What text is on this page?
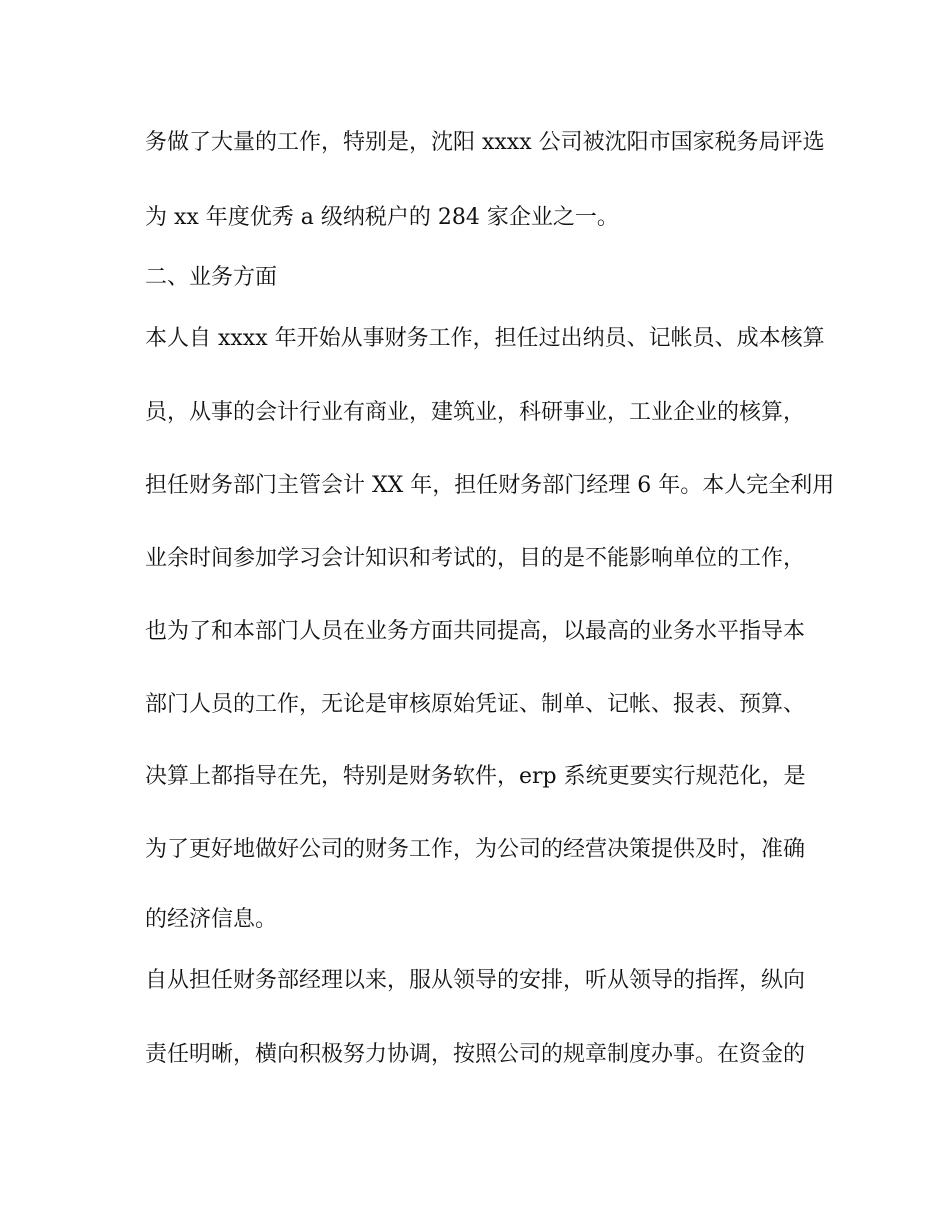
务做了大量的工作，特别是，沈阳 xxxx 公司被沈阳市国家税务局评选

为 xx 年度优秀 a 级纳税户的 284 家企业之一。

二、业务方面

本人自 xxxx 年开始从事财务工作，担任过出纳员、记帐员、成本核算

员，从事的会计行业有商业，建筑业，科研事业，工业企业的核算，

担任财务部门主管会计 XX 年，担任财务部门经理 6 年。本人完全利用

业余时间参加学习会计知识和考试的，目的是不能影响单位的工作，

也为了和本部门人员在业务方面共同提高，以最高的业务水平指导本

部门人员的工作，无论是审核原始凭证、制单、记帐、报表、预算、

决算上都指导在先，特别是财务软件，erp 系统更要实行规范化，是

为了更好地做好公司的财务工作，为公司的经营决策提供及时，准确

的经济信息。

自从担任财务部经理以来，服从领导的安排，听从领导的指挥，纵向

责任明晰，横向积极努力协调，按照公司的规章制度办事。在资金的
